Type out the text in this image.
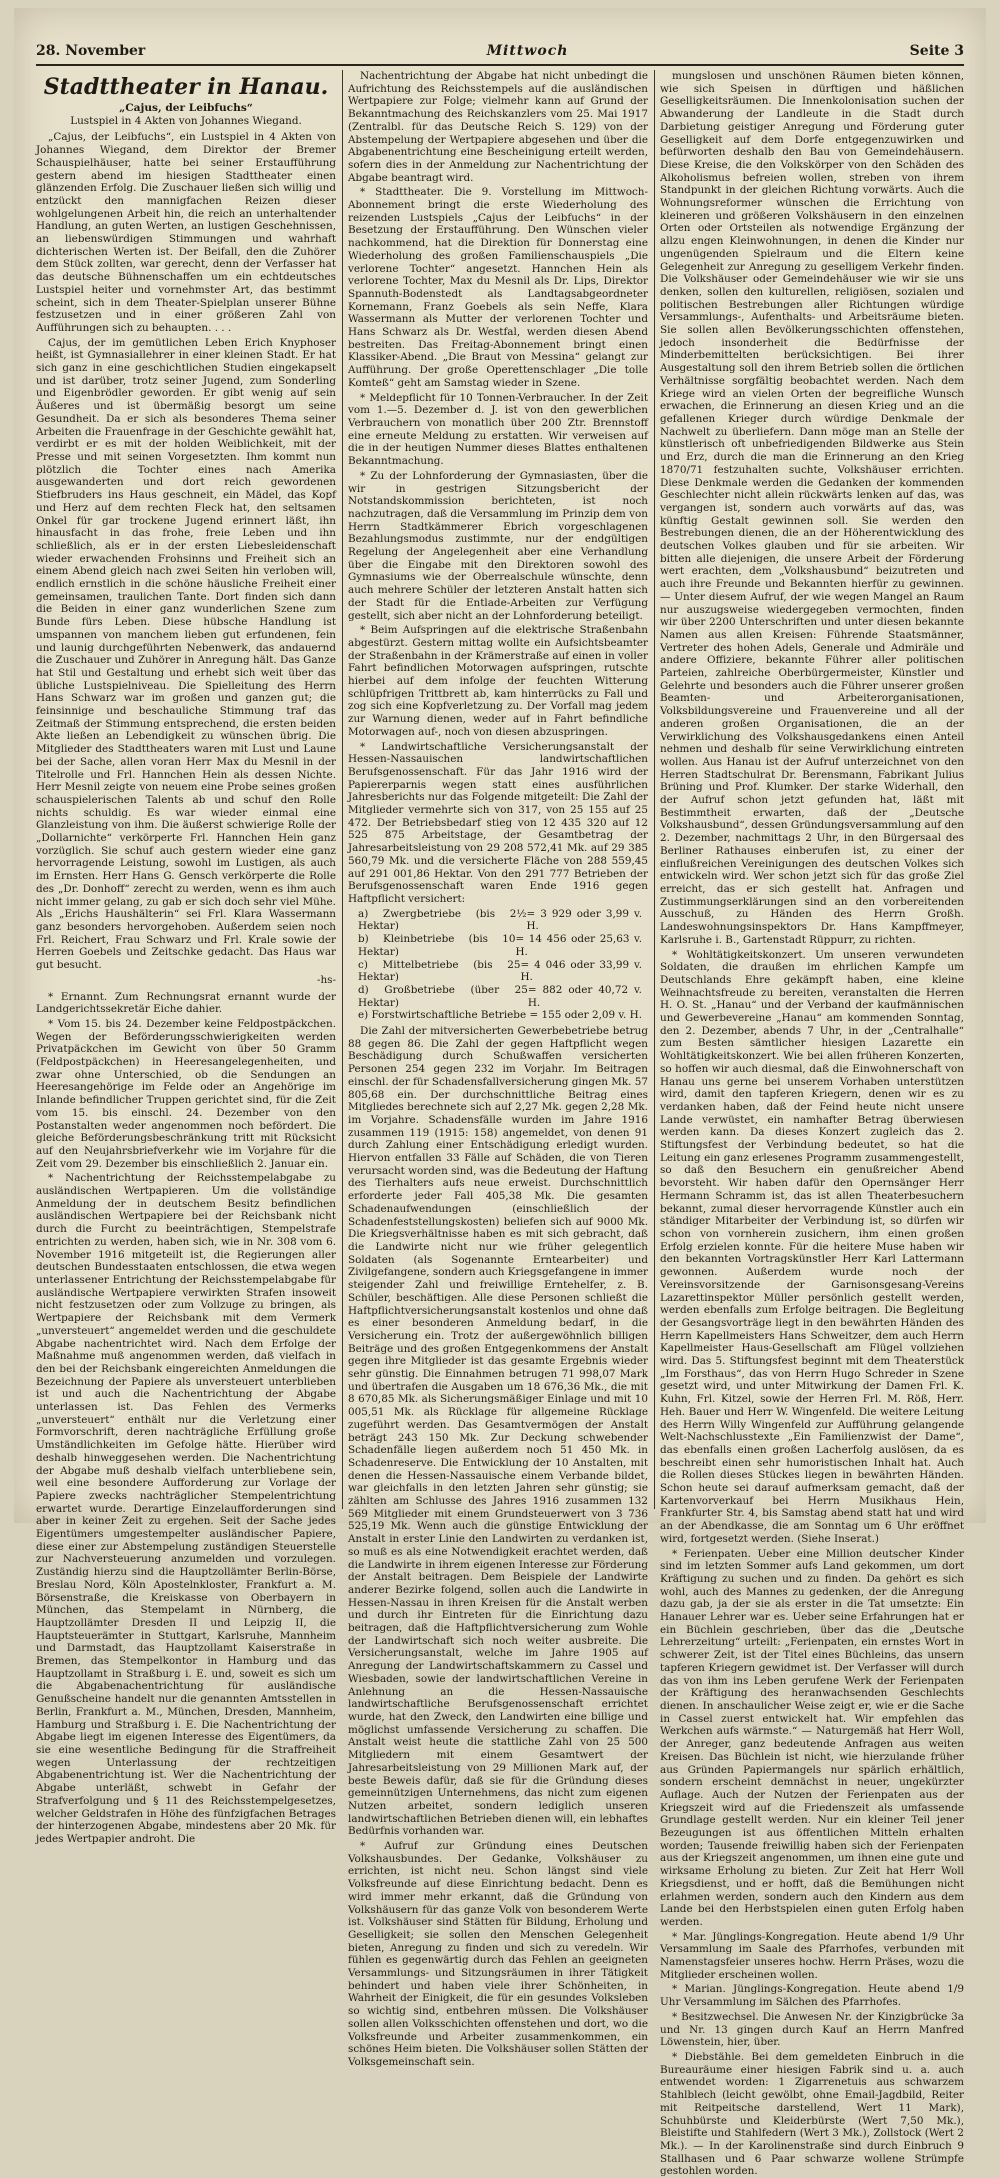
28. November	Mittwoch	Seite 3
Stadttheater in Hanau.
„Cajus, der Leibfuchs“
Lustspiel in 4 Akten von Johannes Wiegand.

„Cajus, der Leibfuchs“, ein Lustspiel in 4 Akten von Johannes Wiegand, dem Direktor der Bremer Schauspielhäuser, hatte bei seiner Erstaufführung gestern abend im hiesigen Stadttheater einen glänzenden Erfolg. Die Zuschauer ließen sich willig und entzückt den mannigfachen Reizen dieser wohlgelungenen Arbeit hin, die reich an unterhaltender Handlung, an guten Werten, an lustigen Geschehnissen, an liebenswürdigen Stimmungen und wahrhaft dichterischen Werten ist. Der Beifall, den die Zuhörer dem Stück zollten, war gerecht, denn der Verfasser hat das deutsche Bühnenschaffen um ein echtdeutsches Lustspiel heiter und vornehmster Art, das bestimmt scheint, sich in dem Theater-Spielplan unserer Bühne festzusetzen und in einer größeren Zahl von Aufführungen sich zu behaupten. . . .

Cajus, der im gemütlichen Leben Erich Knyphoser heißt, ist Gymnasiallehrer in einer kleinen Stadt. Er hat sich ganz in eine geschichtlichen Studien eingekapselt und ist darüber, trotz seiner Jugend, zum Sonderling und Eigenbrödler geworden. Er gibt wenig auf sein Äußeres und ist übermäßig besorgt um seine Gesundheit. Da er sich als besonderes Thema seiner Arbeiten die Frauenfrage in der Geschichte gewählt hat, verdirbt er es mit der holden Weiblichkeit, mit der Presse und mit seinen Vorgesetzten. Ihm kommt nun plötzlich die Tochter eines nach Amerika ausgewanderten und dort reich gewordenen Stiefbruders ins Haus geschneit, ein Mädel, das Kopf und Herz auf dem rechten Fleck hat, den seltsamen Onkel für gar trockene Jugend erinnert läßt, ihn hinausfacht in das frohe, freie Leben und ihn schließlich, als er in der ersten Liebesleidenschaft wieder erwachenden Frohsinns und Freiheit sich an einem Abend gleich nach zwei Seiten hin verloben will, endlich ernstlich in die schöne häusliche Freiheit einer gemeinsamen, traulichen Tante. Dort finden sich dann die Beiden in einer ganz wunderlichen Szene zum Bunde fürs Leben. Diese hübsche Handlung ist umspannen von manchem lieben gut erfundenen, fein und launig durchgeführten Nebenwerk, das andauernd die Zuschauer und Zuhörer in Anregung hält. Das Ganze hat Stil und Gestaltung und erhebt sich weit über das übliche Lustspielniveau. Die Spielleitung des Herrn Hans Schwarz war im großen und ganzen gut; die feinsinnige und beschauliche Stimmung traf das Zeitmaß der Stimmung entsprechend, die ersten beiden Akte ließen an Lebendigkeit zu wünschen übrig. Die Mitglieder des Stadttheaters waren mit Lust und Laune bei der Sache, allen voran Herr Max du Mesnil in der Titelrolle und Frl. Hannchen Hein als dessen Nichte. Herr Mesnil zeigte von neuem eine Probe seines großen schauspielerischen Talents ab und schuf den Rolle nichts schuldig. Es war wieder einmal eine Glanzleistung von ihm. Die äußerst schwierige Rolle der „Dollarnichte“ verkörperte Frl. Hannchen Hein ganz vorzüglich. Sie schuf auch gestern wieder eine ganz hervorragende Leistung, sowohl im Lustigen, als auch im Ernsten. Herr Hans G. Gensch verkörperte die Rolle des „Dr. Donhoff“ zerecht zu werden, wenn es ihm auch nicht immer gelang, zu gab er sich doch sehr viel Mühe. Als „Erichs Haushälterin“ sei Frl. Klara Wassermann ganz besonders hervorgehoben. Außerdem seien noch Frl. Reichert, Frau Schwarz und Frl. Krale sowie der Herren Goebels und Zeitschke gedacht. Das Haus war gut besucht.

-hs-

* Ernannt. Zum Rechnungsrat ernannt wurde der Landgerichtssekretär Eiche dahier.

* Vom 15. bis 24. Dezember keine Feldpostpäckchen. Wegen der Beförderungsschwierigkeiten werden Privatpäckchen im Gewicht von über 50 Gramm (Feldpostpäckchen) in Heeresangelegenheiten, und zwar ohne Unterschied, ob die Sendungen an Heeresangehörige im Felde oder an Angehörige im Inlande befindlicher Truppen gerichtet sind, für die Zeit vom 15. bis einschl. 24. Dezember von den Postanstalten weder angenommen noch befördert. Die gleiche Beförderungsbeschränkung tritt mit Rücksicht auf den Neujahrsbriefverkehr wie im Vorjahre für die Zeit vom 29. Dezember bis einschließlich 2. Januar ein.

* Nachentrichtung der Reichsstempelabgabe zu ausländischen Wertpapieren. Um die vollständige Anmeldung der in deutschem Besitz befindlichen ausländischen Wertpapiere bei der Reichsbank nicht durch die Furcht zu beeinträchtigen, Stempelstrafe entrichten zu werden, haben sich, wie in Nr. 308 vom 6. November 1916 mitgeteilt ist, die Regierungen aller deutschen Bundesstaaten entschlossen, die etwa wegen unterlassener Entrichtung der Reichsstempelabgabe für ausländische Wertpapiere verwirkten Strafen insoweit nicht festzusetzen oder zum Vollzuge zu bringen, als Wertpapiere der Reichsbank mit dem Vermerk „unversteuert“ angemeldet werden und die geschuldete Abgabe nachentrichtet wird. Nach dem Erfolge der Maßnahme muß angenommen werden, daß vielfach in den bei der Reichsbank eingereichten Anmeldungen die Bezeichnung der Papiere als unversteuert unterblieben ist und auch die Nachentrichtung der Abgabe unterlassen ist. Das Fehlen des Vermerks „unversteuert“ enthält nur die Verletzung einer Formvorschrift, deren nachträgliche Erfüllung große Umständlichkeiten im Gefolge hätte. Hierüber wird deshalb hinweggesehen werden. Die Nachentrichtung der Abgabe muß deshalb vielfach unterbliebene sein, weil eine besondere Aufforderung zur Vorlage der Papiere zwecks nachträglicher Stempelentrichtung erwartet wurde. Derartige Einzelaufforderungen sind aber in keiner Zeit zu ergehen. Seit der Sache jedes Eigentümers umgestempelter ausländischer Papiere, diese einer zur Abstempelung zuständigen Steuerstelle zur Nachversteuerung anzumelden und vorzulegen. Zuständig hierzu sind die Hauptzollämter Berlin-Börse, Breslau Nord, Köln Apostelnkloster, Frankfurt a. M. Börsenstraße, die Kreiskasse von Oberbayern in München, das Stempelamt in Nürnberg, die Hauptzollämter Dresden II und Leipzig II, die Hauptsteuerämter in Stuttgart, Karlsruhe, Mannheim und Darmstadt, das Hauptzollamt Kaiserstraße in Bremen, das Stempelkontor in Hamburg und das Hauptzollamt in Straßburg i. E. und, soweit es sich um die Abgabenachentrichtung für ausländische Genußscheine handelt nur die genannten Amtsstellen in Berlin, Frankfurt a. M., München, Dresden, Mannheim, Hamburg und Straßburg i. E. Die Nachentrichtung der Abgabe liegt im eigenen Interesse des Eigentümers, da sie eine wesentliche Bedingung für die Straffreiheit wegen Unterlassung der rechtzeitigen Abgabenentrichtung ist. Wer die Nachentrichtung der Abgabe unterläßt, schwebt in Gefahr der Strafverfolgung und § 11 des Reichsstempelgesetzes, welcher Geldstrafen in Höhe des fünfzigfachen Betrages der hinterzogenen Abgabe, mindestens aber 20 Mk. für jedes Wertpapier androht. Die

Nachentrichtung der Abgabe hat nicht unbedingt die Aufrichtung des Reichsstempels auf die ausländischen Wertpapiere zur Folge; vielmehr kann auf Grund der Bekanntmachung des Reichskanzlers vom 25. Mai 1917 (Zentralbl. für das Deutsche Reich S. 129) von der Abstempelung der Wertpapiere abgesehen und über die Abgabenentrichtung eine Bescheinigung erteilt werden, sofern dies in der Anmeldung zur Nachentrichtung der Abgabe beantragt wird.

* Stadttheater. Die 9. Vorstellung im Mittwoch-Abonnement bringt die erste Wiederholung des reizenden Lustspiels „Cajus der Leibfuchs“ in der Besetzung der Erstaufführung. Den Wünschen vieler nachkommend, hat die Direktion für Donnerstag eine Wiederholung des großen Familienschauspiels „Die verlorene Tochter“ angesetzt. Hannchen Hein als verlorene Tochter, Max du Mesnil als Dr. Lips, Direktor Spannuth-Bodenstedt als Landtagsabgeordneter Kornemann, Franz Goebels als sein Neffe, Klara Wassermann als Mutter der verlorenen Tochter und Hans Schwarz als Dr. Westfal, werden diesen Abend bestreiten. Das Freitag-Abonnement bringt einen Klassiker-Abend. „Die Braut von Messina“ gelangt zur Aufführung. Der große Operettenschlager „Die tolle Komteß“ geht am Samstag wieder in Szene.

* Meldepflicht für 10 Tonnen-Verbraucher. In der Zeit vom 1.—5. Dezember d. J. ist von den gewerblichen Verbrauchern von monatlich über 200 Ztr. Brennstoff eine erneute Meldung zu erstatten. Wir verweisen auf die in der heutigen Nummer dieses Blattes enthaltenen Bekanntmachung.

* Zu der Lohnforderung der Gymnasiasten, über die wir in gestrigen Sitzungsbericht der Notstandskommission berichteten, ist noch nachzutragen, daß die Versammlung im Prinzip dem von Herrn Stadtkämmerer Ebrich vorgeschlagenen Bezahlungsmodus zustimmte, nur der endgültigen Regelung der Angelegenheit aber eine Verhandlung über die Eingabe mit den Direktoren sowohl des Gymnasiums wie der Oberrealschule wünschte, denn auch mehrere Schüler der letzteren Anstalt hatten sich der Stadt für die Entlade-Arbeiten zur Verfügung gestellt, sich aber nicht an der Lohnforderung beteiligt.

* Beim Aufspringen auf die elektrische Straßenbahn abgestürzt. Gestern mittag wollte ein Aufsichtsbeamter der Straßenbahn in der Krämerstraße auf einen in voller Fahrt befindlichen Motorwagen aufspringen, rutschte hierbei auf dem infolge der feuchten Witterung schlüpfrigen Trittbrett ab, kam hinterrücks zu Fall und zog sich eine Kopfverletzung zu. Der Vorfall mag jedem zur Warnung dienen, weder auf in Fahrt befindliche Motorwagen auf-, noch von diesen abzuspringen.

* Landwirtschaftliche Versicherungsanstalt der Hessen-Nassauischen landwirtschaftlichen Berufsgenossenschaft. Für das Jahr 1916 wird der Papiererparnis wegen statt eines ausführlichen Jahresberichts nur das Folgende mitgeteilt: Die Zahl der Mitglieder vermehrte sich von 317, von 25 155 auf 25 472. Der Betriebsbedarf stieg von 12 435 320 auf 12 525 875 Arbeitstage, der Gesamtbetrag der Jahresarbeitsleistung von 29 208 572,41 Mk. auf 29 385 560,79 Mk. und die versicherte Fläche von 288 559,45 auf 291 001,86 Hektar. Von den 291 777 Betrieben der Berufsgenossenschaft waren Ende 1916 gegen Haftpflicht versichert:

a) Zwergbetriebe (bis 2½ Hektar)
= 3 929 oder 3,99 v. H.
b) Kleinbetriebe (bis 10 Hektar)
= 14 456 oder 25,63 v. H.
c) Mittelbetriebe (bis 25 Hektar)
= 4 046 oder 33,99 v. H.
d) Großbetriebe (über 25 Hektar)
= 882 oder 40,72 v. H.
e) Forstwirtschaftliche Betriebe = 155 oder 2,09 v. H.

Die Zahl der mitversicherten Gewerbebetriebe betrug 88 gegen 86. Die Zahl der gegen Haftpflicht wegen Beschädigung durch Schußwaffen versicherten Personen 254 gegen 232 im Vorjahr. Im Beitragen einschl. der für Schadensfallversicherung gingen Mk. 57 805,68 ein. Der durchschnittliche Beitrag eines Mitgliedes berechnete sich auf 2,27 Mk. gegen 2,28 Mk. im Vorjahre. Schadensfälle wurden im Jahre 1916 zusammen 119 (1915: 158) angemeldet, von denen 91 durch Zahlung einer Entschädigung erledigt wurden. Hiervon entfallen 33 Fälle auf Schäden, die von Tieren verursacht worden sind, was die Bedeutung der Haftung des Tierhalters aufs neue erweist. Durchschnittlich erforderte jeder Fall 405,38 Mk. Die gesamten Schadenaufwendungen (einschließlich der Schadenfeststellungskosten) beliefen sich auf 9000 Mk. Die Kriegsverhältnisse haben es mit sich gebracht, daß die Landwirte nicht nur wie früher gelegentlich Soldaten (als Sogenannte Erntearbeiter) und Zivilgefangene, sondern auch Kriegsgefangene in immer steigender Zahl und freiwillige Erntehelfer, z. B. Schüler, beschäftigen. Alle diese Personen schließt die Haftpflichtversicherungsanstalt kostenlos und ohne daß es einer besonderen Anmeldung bedarf, in die Versicherung ein. Trotz der außergewöhnlich billigen Beiträge und des großen Entgegenkommens der Anstalt gegen ihre Mitglieder ist das gesamte Ergebnis wieder sehr günstig. Die Einnahmen betrugen 71 998,07 Mark und übertrafen die Ausgaben um 18 676,36 Mk., die mit 8 670,85 Mk. als Sicherungsmäßiger Einlage und mit 10 005,51 Mk. als Rücklage für allgemeine Rücklage zugeführt werden. Das Gesamtvermögen der Anstalt beträgt 243 150 Mk. Zur Deckung schwebender Schadenfälle liegen außerdem noch 51 450 Mk. in Schadenreserve. Die Entwicklung der 10 Anstalten, mit denen die Hessen-Nassauische einem Verbande bildet, war gleichfalls in den letzten Jahren sehr günstig; sie zählten am Schlusse des Jahres 1916 zusammen 132 569 Mitglieder mit einem Grundsteuerwert von 3 736 525,19 Mk. Wenn auch die günstige Entwicklung der Anstalt in erster Linie den Landwirten zu verdanken ist, so muß es als eine Notwendigkeit erachtet werden, daß die Landwirte in ihrem eigenen Interesse zur Förderung der Anstalt beitragen. Dem Beispiele der Landwirte anderer Bezirke folgend, sollen auch die Landwirte in Hessen-Nassau in ihren Kreisen für die Anstalt werben und durch ihr Eintreten für die Einrichtung dazu beitragen, daß die Haftpflichtversicherung zum Wohle der Landwirtschaft sich noch weiter ausbreite. Die Versicherungsanstalt, welche im Jahre 1905 auf Anregung der Landwirtschaftskammern zu Cassel und Wiesbaden, sowie der landwirtschaftlichen Vereine in Anlehnung an die Hessen-Nassauische landwirtschaftliche Berufsgenossenschaft errichtet wurde, hat den Zweck, den Landwirten eine billige und möglichst umfassende Versicherung zu schaffen. Die Anstalt weist heute die stattliche Zahl von 25 500 Mitgliedern mit einem Gesamtwert der Jahresarbeitsleistung von 29 Millionen Mark auf, der beste Beweis dafür, daß sie für die Gründung dieses gemeinnützigen Unternehmens, das nicht zum eigenen Nutzen arbeitet, sondern lediglich unseren landwirtschaftlichen Betrieben dienen will, ein lebhaftes Bedürfnis vorhanden war.

* Aufruf zur Gründung eines Deutschen Volkshausbundes. Der Gedanke, Volkshäuser zu errichten, ist nicht neu. Schon längst sind viele Volksfreunde auf diese Einrichtung bedacht. Denn es wird immer mehr erkannt, daß die Gründung von Volkshäusern für das ganze Volk von besonderem Werte ist. Volkshäuser sind Stätten für Bildung, Erholung und Geselligkeit; sie sollen den Menschen Gelegenheit bieten, Anregung zu finden und sich zu veredeln. Wir fühlen es gegenwärtig durch das Fehlen an geeigneten Versammlungs- und Sitzungsräumen in ihrer Tätigkeit behindert und haben viele ihrer Schönheiten, in Wahrheit der Einigkeit, die für ein gesundes Volksleben so wichtig sind, entbehren müssen. Die Volkshäuser sollen allen Volksschichten offenstehen und dort, wo die Volksfreunde und Arbeiter zusammenkommen, ein schönes Heim bieten. Die Volkshäuser sollen Stätten der Volksgemeinschaft sein.

mungslosen und unschönen Räumen bieten können, wie sich Speisen in dürftigen und häßlichen Geselligkeitsräumen. Die Innenkolonisation suchen der Abwanderung der Landleute in die Stadt durch Darbietung geistiger Anregung und Förderung guter Geselligkeit auf dem Dorfe entgegenzuwirken und befürworten deshalb den Bau von Gemeindehäusern. Diese Kreise, die den Volkskörper von den Schäden des Alkoholismus befreien wollen, streben von ihrem Standpunkt in der gleichen Richtung vorwärts. Auch die Wohnungsreformer wünschen die Errichtung von kleineren und größeren Volkshäusern in den einzelnen Orten oder Ortsteilen als notwendige Ergänzung der allzu engen Kleinwohnungen, in denen die Kinder nur ungenügenden Spielraum und die Eltern keine Gelegenheit zur Anregung zu geselligem Verkehr finden. Die Volkshäuser oder Gemeindehäuser wie wir sie uns denken, sollen den kulturellen, religiösen, sozialen und politischen Bestrebungen aller Richtungen würdige Versammlungs-, Aufenthalts- und Arbeitsräume bieten. Sie sollen allen Bevölkerungsschichten offenstehen, jedoch insonderheit die Bedürfnisse der Minderbemittelten berücksichtigen. Bei ihrer Ausgestaltung soll den ihrem Betrieb sollen die örtlichen Verhältnisse sorgfältig beobachtet werden. Nach dem Kriege wird an vielen Orten der begreifliche Wunsch erwachen, die Erinnerung an diesen Krieg und an die gefallenen Krieger durch würdige Denkmale der Nachwelt zu überliefern. Dann möge man an Stelle der künstlerisch oft unbefriedigenden Bildwerke aus Stein und Erz, durch die man die Erinnerung an den Krieg 1870/71 festzuhalten suchte, Volkshäuser errichten. Diese Denkmale werden die Gedanken der kommenden Geschlechter nicht allein rückwärts lenken auf das, was vergangen ist, sondern auch vorwärts auf das, was künftig Gestalt gewinnen soll. Sie werden den Bestrebungen dienen, die an der Höherentwicklung des deutschen Volkes glauben und für sie arbeiten. Wir bitten alle diejenigen, die unsere Arbeit der Förderung wert erachten, dem „Volkshausbund“ beizutreten und auch ihre Freunde und Bekannten hierfür zu gewinnen. — Unter diesem Aufruf, der wie wegen Mangel an Raum nur auszugsweise wiedergegeben vermochten, finden wir über 2200 Unterschriften und unter diesen bekannte Namen aus allen Kreisen: Führende Staatsmänner, Vertreter des hohen Adels, Generale und Admiräle und andere Offiziere, bekannte Führer aller politischen Parteien, zahlreiche Oberbürgermeister, Künstler und Gelehrte und besonders auch die Führer unserer großen Beamten- und Arbeiterorganisationen, Volksbildungsvereine und Frauenvereine und all der anderen großen Organisationen, die an der Verwirklichung des Volkshausgedankens einen Anteil nehmen und deshalb für seine Verwirklichung eintreten wollen. Aus Hanau ist der Aufruf unterzeichnet von den Herren Stadtschulrat Dr. Berensmann, Fabrikant Julius Brüning und Prof. Klumker. Der starke Widerhall, den der Aufruf schon jetzt gefunden hat, läßt mit Bestimmtheit erwarten, daß der „Deutsche Volkshausbund“, dessen Gründungsversammlung auf den 2. Dezember, nachmittags 2 Uhr, in den Bürgersaal des Berliner Rathauses einberufen ist, zu einer der einflußreichen Vereinigungen des deutschen Volkes sich entwickeln wird. Wer schon jetzt sich für das große Ziel erreicht, das er sich gestellt hat. Anfragen und Zustimmungserklärungen sind an den vorbereitenden Ausschuß, zu Händen des Herrn Großh. Landeswohnungsinspektors Dr. Hans Kampffmeyer, Karlsruhe i. B., Gartenstadt Rüppurr, zu richten.

* Wohltätigkeitskonzert. Um unseren verwundeten Soldaten, die draußen im ehrlichen Kampfe um Deutschlands Ehre gekämpft haben, eine kleine Weihnachtsfreude zu bereiten, veranstalten die Herren H. O. St. „Hanau“ und der Verband der kaufmännischen und Gewerbevereine „Hanau“ am kommenden Sonntag, den 2. Dezember, abends 7 Uhr, in der „Centralhalle“ zum Besten sämtlicher hiesigen Lazarette ein Wohltätigkeitskonzert. Wie bei allen früheren Konzerten, so hoffen wir auch diesmal, daß die Einwohnerschaft von Hanau uns gerne bei unserem Vorhaben unterstützen wird, damit den tapferen Kriegern, denen wir es zu verdanken haben, daß der Feind heute nicht unsere Lande verwüstet, ein namhafter Betrag überwiesen werden kann. Da dieses Konzert zugleich das 2. Stiftungsfest der Verbindung bedeutet, so hat die Leitung ein ganz erlesenes Programm zusammengestellt, so daß den Besuchern ein genußreicher Abend bevorsteht. Wir haben dafür den Opernsänger Herr Hermann Schramm ist, das ist allen Theaterbesuchern bekannt, zumal dieser hervorragende Künstler auch ein ständiger Mitarbeiter der Verbindung ist, so dürfen wir schon von vornherein zusichern, ihm einen großen Erfolg erzielen konnte. Für die heitere Muse haben wir den bekannten Vortragskünstler Herr Karl Lattermann gewonnen. Außerdem wurde noch der Vereinsvorsitzende der Garnisonsgesang-Vereins Lazarettinspektor Müller persönlich gestellt werden, werden ebenfalls zum Erfolge beitragen. Die Begleitung der Gesangsvorträge liegt in den bewährten Händen des Herrn Kapellmeisters Hans Schweitzer, dem auch Herrn Kapellmeister Haus-Gesellschaft am Flügel vollziehen wird. Das 5. Stiftungsfest beginnt mit dem Theaterstück „Im Forsthaus“, das von Herrn Hugo Schreder in Szene gesetzt wird, und unter Mitwirkung der Damen Frl. K. Kuhn, Frl. Kitzel, sowie der Herren Frl. M. Röß, Herr. Heh. Bauer und Herr W. Wingenfeld. Die weitere Leitung des Herrn Willy Wingenfeld zur Aufführung gelangende Welt-Nachschlusstexte „Ein Familienzwist der Dame“, das ebenfalls einen großen Lacherfolg auslösen, da es beschreibt einen sehr humoristischen Inhalt hat. Auch die Rollen dieses Stückes liegen in bewährten Händen. Schon heute sei darauf aufmerksam gemacht, daß der Kartenvorverkauf bei Herrn Musikhaus Hein, Frankfurter Str. 4, bis Samstag abend statt hat und wird an der Abendkasse, die am Sonntag um 6 Uhr eröffnet wird, fortgesetzt werden. (Siehe Inserat.)

* Ferienpaten. Ueber eine Million deutscher Kinder sind im letzten Sommer aufs Land gekommen, um dort Kräftigung zu suchen und zu finden. Da gehört es sich wohl, auch des Mannes zu gedenken, der die Anregung dazu gab, ja der sie als erster in die Tat umsetzte: Ein Hanauer Lehrer war es. Ueber seine Erfahrungen hat er ein Büchlein geschrieben, über das die „Deutsche Lehrerzeitung“ urteilt: „Ferienpaten, ein ernstes Wort in schwerer Zeit, ist der Titel eines Büchleins, das unsern tapferen Kriegern gewidmet ist. Der Verfasser will durch das von ihm ins Leben gerufene Werk der Ferienpaten der Kräftigung des heranwachsenden Geschlechts dienen. In anschaulicher Weise zeigt er, wie er die Sache in Cassel zuerst entwickelt hat. Wir empfehlen das Werkchen aufs wärmste.“ — Naturgemäß hat Herr Woll, der Anreger, ganz bedeutende Anfragen aus weiten Kreisen. Das Büchlein ist nicht, wie hierzulande früher aus Gründen Papiermangels nur spärlich erhältlich, sondern erscheint demnächst in neuer, ungekürzter Auflage. Auch der Nutzen der Ferienpaten aus der Kriegszeit wird auf die Friedenszeit als umfassende Grundlage gestellt werden. Nur ein kleiner Teil jener Bezeugungen ist aus öffentlichen Mitteln erhalten worden; Tausende freiwillig haben sich der Ferienpaten aus der Kriegszeit angenommen, um ihnen eine gute und wirksame Erholung zu bieten. Zur Zeit hat Herr Woll Kriegsdienst, und er hofft, daß die Bemühungen nicht erlahmen werden, sondern auch den Kindern aus dem Lande bei den Herbstspielen einen guten Erfolg haben werden.

* Mar. Jünglings-Kongregation. Heute abend 1/9 Uhr Versammlung im Saale des Pfarrhofes, verbunden mit Namenstagsfeier unseres hochw. Herrn Präses, wozu die Mitglieder erscheinen wollen.

* Marian. Jünglings-Kongregation. Heute abend 1/9 Uhr Versammlung im Sälchen des Pfarrhofes.

* Besitzwechsel. Die Anwesen Nr. der Kinzigbrücke 3a und Nr. 13 gingen durch Kauf an Herrn Manfred Löwenstein, hier, über.

* Diebstähle. Bei dem gemeldeten Einbruch in die Bureauräume einer hiesigen Fabrik sind u. a. auch entwendet worden: 1 Zigarrenetuis aus schwarzem Stahlblech (leicht gewölbt, ohne Email-Jagdbild, Reiter mit Reitpeitsche darstellend, Wert 11 Mark), Schuhbürste und Kleiderbürste (Wert 7,50 Mk.), Bleistifte und Stahlfedern (Wert 3 Mk.), Zollstock (Wert 2 Mk.). — In der Karolinenstraße sind durch Einbruch 9 Stallhasen und 6 Paar schwarze wollene Strümpfe gestohlen worden.
